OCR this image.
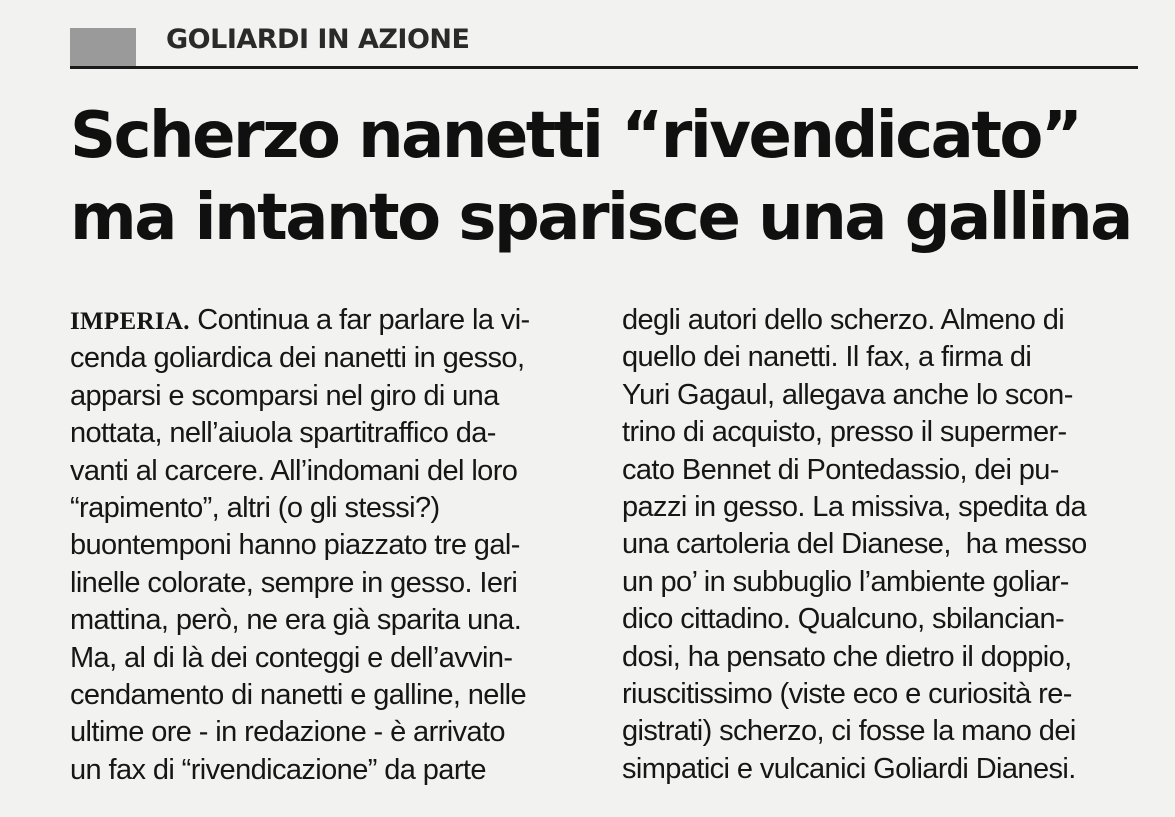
GOLIARDI IN AZIONE
Scherzo nanetti “rivendicato”
ma intanto sparisce una gallina
IMPERIA. Continua a far parlare la vi-
cenda goliardica dei nanetti in gesso,
apparsi e scomparsi nel giro di una
nottata, nell’aiuola spartitraffico da-
vanti al carcere. All’indomani del loro
“rapimento”, altri (o gli stessi?)
buontemponi hanno piazzato tre gal-
linelle colorate, sempre in gesso. Ieri
mattina, però, ne era già sparita una.
Ma, al di là dei conteggi e dell’avvin-
cendamento di nanetti e galline, nelle
ultime ore - in redazione - è arrivato
un fax di “rivendicazione” da parte
degli autori dello scherzo. Almeno di
quello dei nanetti. Il fax, a firma di
Yuri Gagaul, allegava anche lo scon-
trino di acquisto, presso il supermer-
cato Bennet di Pontedassio, dei pu-
pazzi in gesso. La missiva, spedita da
una cartoleria del Dianese,  ha messo
un po’ in subbuglio l’ambiente goliar-
dico cittadino. Qualcuno, sbilancian-
dosi, ha pensato che dietro il doppio,
riuscitissimo (viste eco e curiosità re-
gistrati) scherzo, ci fosse la mano dei
simpatici e vulcanici Goliardi Dianesi.
